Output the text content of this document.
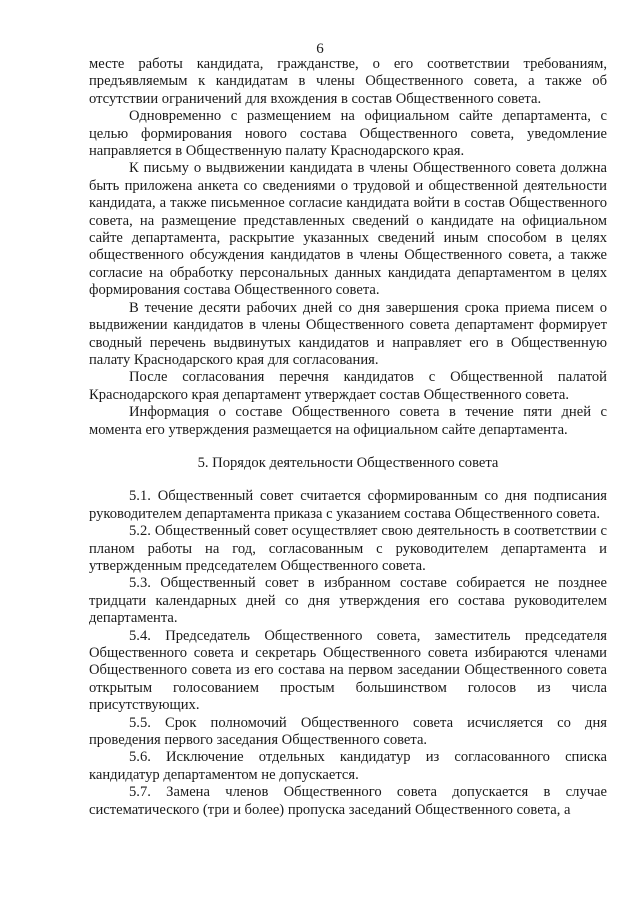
6

месте работы кандидата, гражданстве, о его соответствии требованиям, предъявляемым к кандидатам в члены Общественного совета, а также об отсутствии ограничений для вхождения в состав Общественного совета.

Одновременно с размещением на официальном сайте департамента, с целью формирования нового состава Общественного совета, уведомление направляется в Общественную палату Краснодарского края.

К письму о выдвижении кандидата в члены Общественного совета должна быть приложена анкета со сведениями о трудовой и общественной деятельности кандидата, а также письменное согласие кандидата войти в состав Общественного совета, на размещение представленных сведений о кандидате на официальном сайте департамента, раскрытие указанных сведений иным способом в целях общественного обсуждения кандидатов в члены Общественного совета, а также согласие на обработку персональных данных кандидата департаментом в целях формирования состава Общественного совета.

В течение десяти рабочих дней со дня завершения срока приема писем о выдвижении кандидатов в члены Общественного совета департамент формирует сводный перечень выдвинутых кандидатов и направляет его в Общественную палату Краснодарского края для согласования.

После согласования перечня кандидатов с Общественной палатой Краснодарского края департамент утверждает состав Общественного совета.

Информация о составе Общественного совета в течение пяти дней с момента его утверждения размещается на официальном сайте департамента.

5. Порядок деятельности Общественного совета

5.1. Общественный совет считается сформированным со дня подписания руководителем департамента приказа с указанием состава Общественного совета.

5.2. Общественный совет осуществляет свою деятельность в соответствии с планом работы на год, согласованным с руководителем департамента и утвержденным председателем Общественного совета.

5.3. Общественный совет в избранном составе собирается не позднее тридцати календарных дней со дня утверждения его состава руководителем департамента.

5.4. Председатель Общественного совета, заместитель председателя Общественного совета и секретарь Общественного совета избираются членами Общественного совета из его состава на первом заседании Общественного совета открытым голосованием простым большинством голосов из числа присутствующих.

5.5. Срок полномочий Общественного совета исчисляется со дня проведения первого заседания Общественного совета.

5.6. Исключение отдельных кандидатур из согласованного списка кандидатур департаментом не допускается.

5.7. Замена членов Общественного совета допускается в случае систематического (три и более) пропуска заседаний Общественного совета, а
